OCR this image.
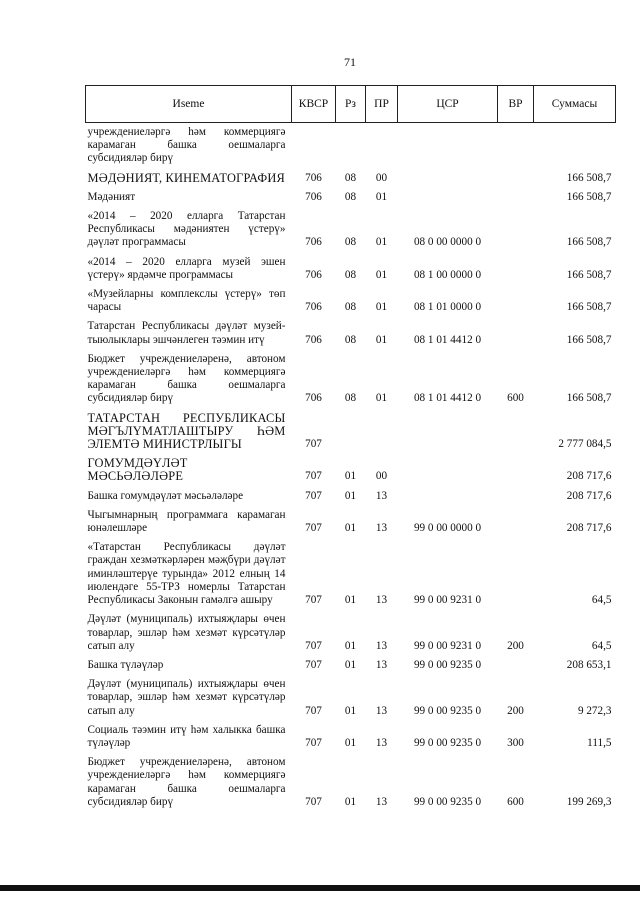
71
Иseme	КВСР	Рз	ПР	ЦСР	ВР	Суммасы
учреждениеләргә һәм коммерциягә карамаган башка оешмаларга субсидияләр бирү						
МӘДӘНИЯТ, КИНЕМАТОГРАФИЯ	706	08	00			166 508,7
Мәдәният	706	08	01			166 508,7
«2014 – 2020 елларга Татарстан Республикасы мәдәниятен үстерү» дәүләт программасы	706	08	01	08 0 00 0000 0		166 508,7
«2014 – 2020 елларга музей эшен үстерү» ярдәмче программасы	706	08	01	08 1 00 0000 0		166 508,7
«Музейларны комплекслы үстерү» төп чарасы	706	08	01	08 1 01 0000 0		166 508,7
Татарстан Республикасы дәүләт музей-тыюлыклары эшчәнлеген тәэмин итү	706	08	01	08 1 01 4412 0		166 508,7
Бюджет учреждениеләренә, автоном учреждениеләргә һәм коммерциягә карамаган башка оешмаларга субсидияләр бирү	706	08	01	08 1 01 4412 0	600	166 508,7
ТАТАРСТАН РЕСПУБЛИКАСЫ МӘГЪЛҮМАТЛАШТЫРУ ҺӘМ ЭЛЕМТӘ МИНИСТРЛЫГЫ	707					2 777 084,5
ГОМУМДӘҮЛӘТ МӘСЬӘЛӘЛӘРЕ	707	01	00			208 717,6
Башка гомумдәүләт мәсьәләләре	707	01	13			208 717,6
Чыгымнарның программага карамаган юнәлешләре	707	01	13	99 0 00 0000 0		208 717,6
«Татарстан Республикасы дәүләт граждан хезмәткәрләрен мәҗбүри дәүләт иминләштерүе турында» 2012 елның 14 июлендәге 55-ТРЗ номерлы Татарстан Республикасы Законын гамәлгә ашыру	707	01	13	99 0 00 9231 0		64,5
Дәүләт (муниципаль) ихтыяҗлары өчен товарлар, эшләр һәм хезмәт күрсәтүләр сатып алу	707	01	13	99 0 00 9231 0	200	64,5
Башка түләүләр	707	01	13	99 0 00 9235 0		208 653,1
Дәүләт (муниципаль) ихтыяҗлары өчен товарлар, эшләр һәм хезмәт күрсәтүләр сатып алу	707	01	13	99 0 00 9235 0	200	9 272,3
Социаль тәэмин итү һәм халыкка башка түләүләр	707	01	13	99 0 00 9235 0	300	111,5
Бюджет учреждениеләренә, автоном учреждениеләргә һәм коммерциягә карамаган башка оешмаларга субсидияләр бирү	707	01	13	99 0 00 9235 0	600	199 269,3
